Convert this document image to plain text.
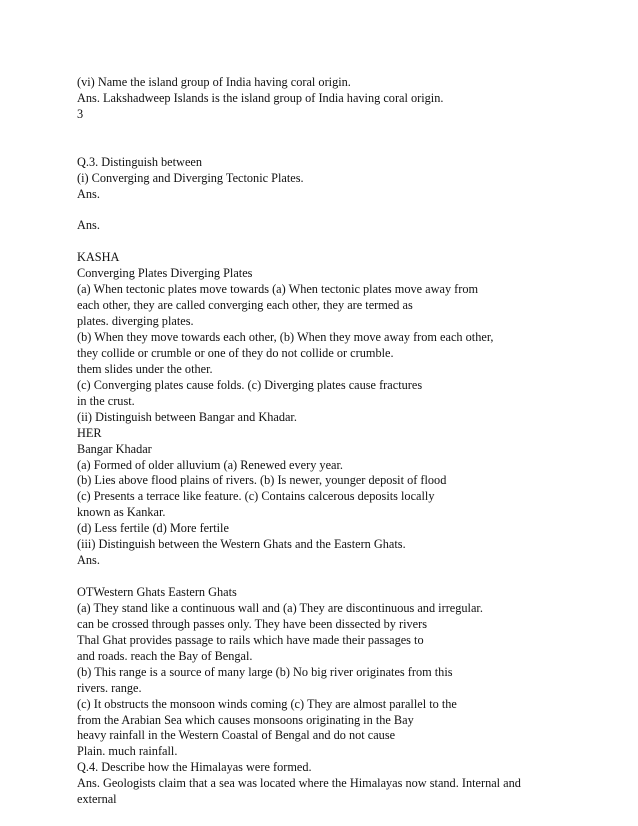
(vi) Name the island group of India having coral origin.
Ans. Lakshadweep Islands is the island group of India having coral origin.
3
Q.3. Distinguish between
(i) Converging and Diverging Tectonic Plates.
Ans.
Ans.
KASHA
Converging Plates Diverging Plates
(a) When tectonic plates move towards (a) When tectonic plates move away from
each other, they are called converging each other, they are termed as
plates. diverging plates.
(b) When they move towards each other, (b) When they move away from each other,
they collide or crumble or one of they do not collide or crumble.
them slides under the other.
(c) Converging plates cause folds. (c) Diverging plates cause fractures
in the crust.
(ii) Distinguish between Bangar and Khadar.
HER
Bangar Khadar
(a) Formed of older alluvium (a) Renewed every year.
(b) Lies above flood plains of rivers. (b) Is newer, younger deposit of flood
(c) Presents a terrace like feature. (c) Contains calcerous deposits locally
known as Kankar.
(d) Less fertile (d) More fertile
(iii) Distinguish between the Western Ghats and the Eastern Ghats.
Ans.
OTWestern Ghats Eastern Ghats
(a) They stand like a continuous wall and (a) They are discontinuous and irregular.
can be crossed through passes only. They have been dissected by rivers
Thal Ghat provides passage to rails which have made their passages to
and roads. reach the Bay of Bengal.
(b) This range is a source of many large (b) No big river originates from this
rivers. range.
(c) It obstructs the monsoon winds coming (c) They are almost parallel to the
from the Arabian Sea which causes monsoons originating in the Bay
heavy rainfall in the Western Coastal of Bengal and do not cause
Plain. much rainfall.
Q.4. Describe how the Himalayas were formed.
Ans. Geologists claim that a sea was located where the Himalayas now stand. Internal and
external
